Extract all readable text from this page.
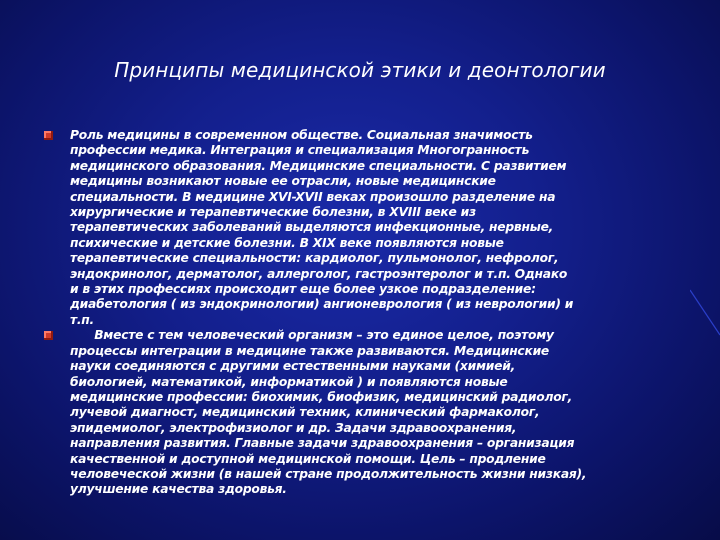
Принципы медицинской этики и деонтологии

Роль медицины в современном обществе. Социальная значимость
профессии медика. Интеграция и специализация Многогранность
медицинского образования. Медицинские специальности. С развитием
медицины возникают новые ее отрасли, новые медицинские
специальности. В медицине XVI-XVII веках произошло разделение на
хирургические и терапевтические болезни, в XVIII веке из
терапевтических заболеваний выделяются инфекционные, нервные,
психические и детские болезни. В XIX веке появляются новые
терапевтические специальности: кардиолог, пульмонолог, нефролог,
эндокринолог, дерматолог, аллерголог, гастроэнтеролог и т.п. Однако
и в этих профессиях происходит еще более узкое подразделение:
диабетология ( из эндокринологии) ангионеврология ( из неврологии) и
т.п.

Вместе с тем человеческий организм – это единое целое, поэтому
процессы интеграции в медицине также развиваются. Медицинские
науки соединяются с другими естественными науками (химией,
биологией, математикой, информатикой ) и появляются новые
медицинские профессии: биохимик, биофизик, медицинский радиолог,
лучевой диагност, медицинский техник, клинический фармаколог,
эпидемиолог, электрофизиолог и др. Задачи здравоохранения,
направления развития. Главные задачи здравоохранения – организация
качественной и доступной медицинской помощи. Цель – продление
человеческой жизни (в нашей стране продолжительность жизни низкая),
улучшение качества здоровья.
